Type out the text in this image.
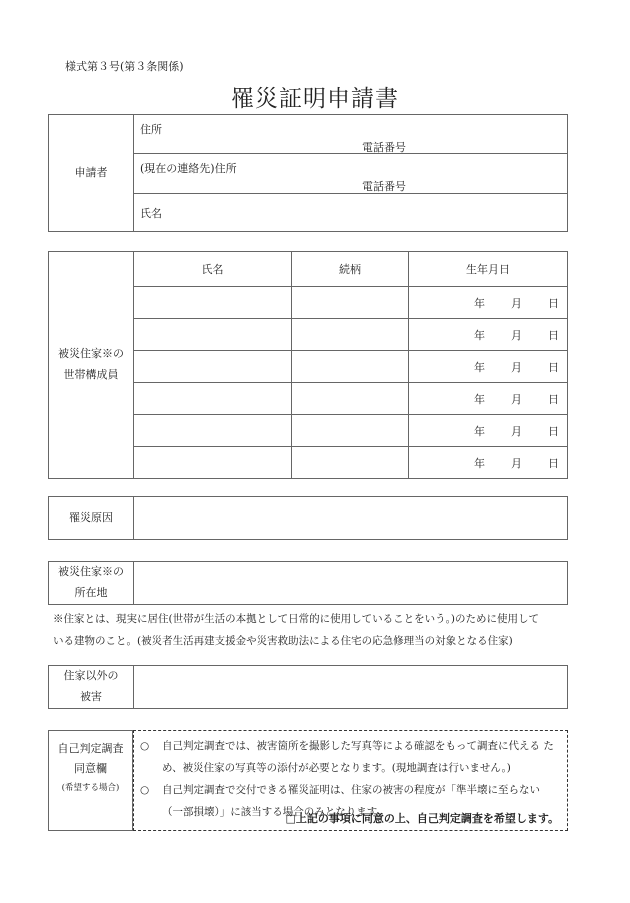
様式第３号(第３条関係)
罹災証明申請書
申請者	
住所
電話番号

(現在の連絡先)住所
電話番号

氏名
被災住家※の
世帯構成員	氏名	続柄	生年月日

			年 月 日

			年 月 日

			年 月 日

			年 月 日

			年 月 日

			年 月 日
罹災原因	
被災住家※の
所在地

※住家とは、現実に居住(世帯が生活の本拠として日常的に使用していることをいう。)のために使用して
いる建物のこと。(被災者生活再建支援金や災害救助法による住宅の応急修理当の対象となる住家)
住家以外の
被害

自己判定調査
同意欄
(希望する場合)
○ 自己判定調査では、被害箇所を撮影した写真等による確認をもって調査に代える ため、被災住家の写真等の添付が必要となります。(現地調査は行いません。)
○ 自己判定調査で交付できる罹災証明は、住家の被害の程度が「準半壊に至らない （一部損壊）」に該当する場合のみとなります。
□上記の事項に同意の上、自己判定調査を希望します。
